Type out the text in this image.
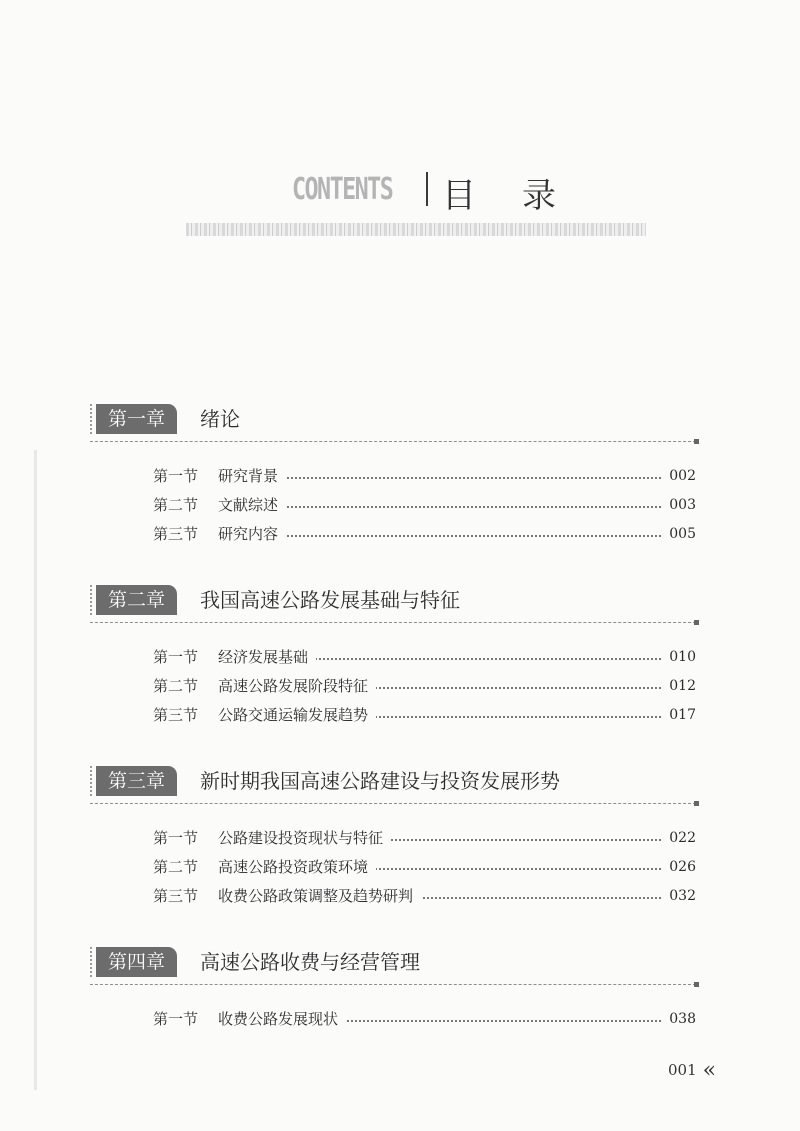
CONTENTS 目录
第一章	绪论
第一节 研究背景	002
第二节 文献综述	003
第三节 研究内容	005
第二章	我国高速公路发展基础与特征
第一节 经济发展基础	010
第二节 高速公路发展阶段特征	012
第三节 公路交通运输发展趋势	017
第三章	新时期我国高速公路建设与投资发展形势
第一节 公路建设投资现状与特征	022
第二节 高速公路投资政策环境	026
第三节 收费公路政策调整及趋势研判	032
第四章	高速公路收费与经营管理
第一节 收费公路发展现状	038
001 «
